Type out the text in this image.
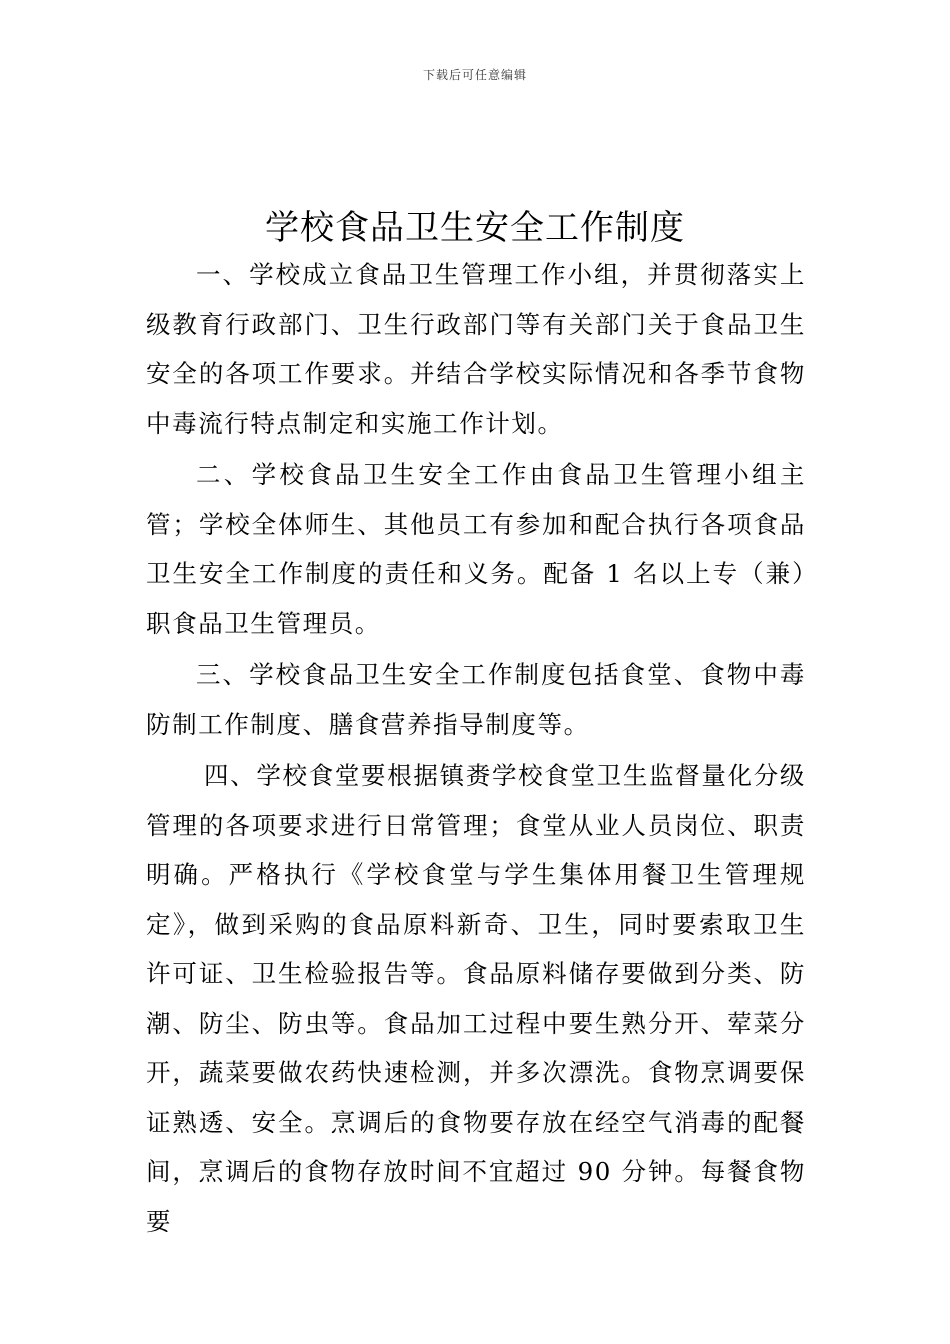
下载后可任意编辑
学校食品卫生安全工作制度

一、学校成立食品卫生管理工作小组，并贯彻落实上级教育行政部门、卫生行政部门等有关部门关于食品卫生安全的各项工作要求。并结合学校实际情况和各季节食物中毒流行特点制定和实施工作计划。

二、学校食品卫生安全工作由食品卫生管理小组主管；学校全体师生、其他员工有参加和配合执行各项食品卫生安全工作制度的责任和义务。配备 1 名以上专（兼）职食品卫生管理员。

三、学校食品卫生安全工作制度包括食堂、食物中毒防制工作制度、膳食营养指导制度等。

四、学校食堂要根据镇赉学校食堂卫生监督量化分级管理的各项要求进行日常管理；食堂从业人员岗位、职责明确。严格执行《学校食堂与学生集体用餐卫生管理规定》，做到采购的食品原料新奇、卫生，同时要索取卫生许可证、卫生检验报告等。食品原料储存要做到分类、防潮、防尘、防虫等。食品加工过程中要生熟分开、荤菜分开，蔬菜要做农药快速检测，并多次漂洗。食物烹调要保证熟透、安全。烹调后的食物要存放在经空气消毒的配餐间，烹调后的食物存放时间不宜超过 90 分钟。每餐食物要
